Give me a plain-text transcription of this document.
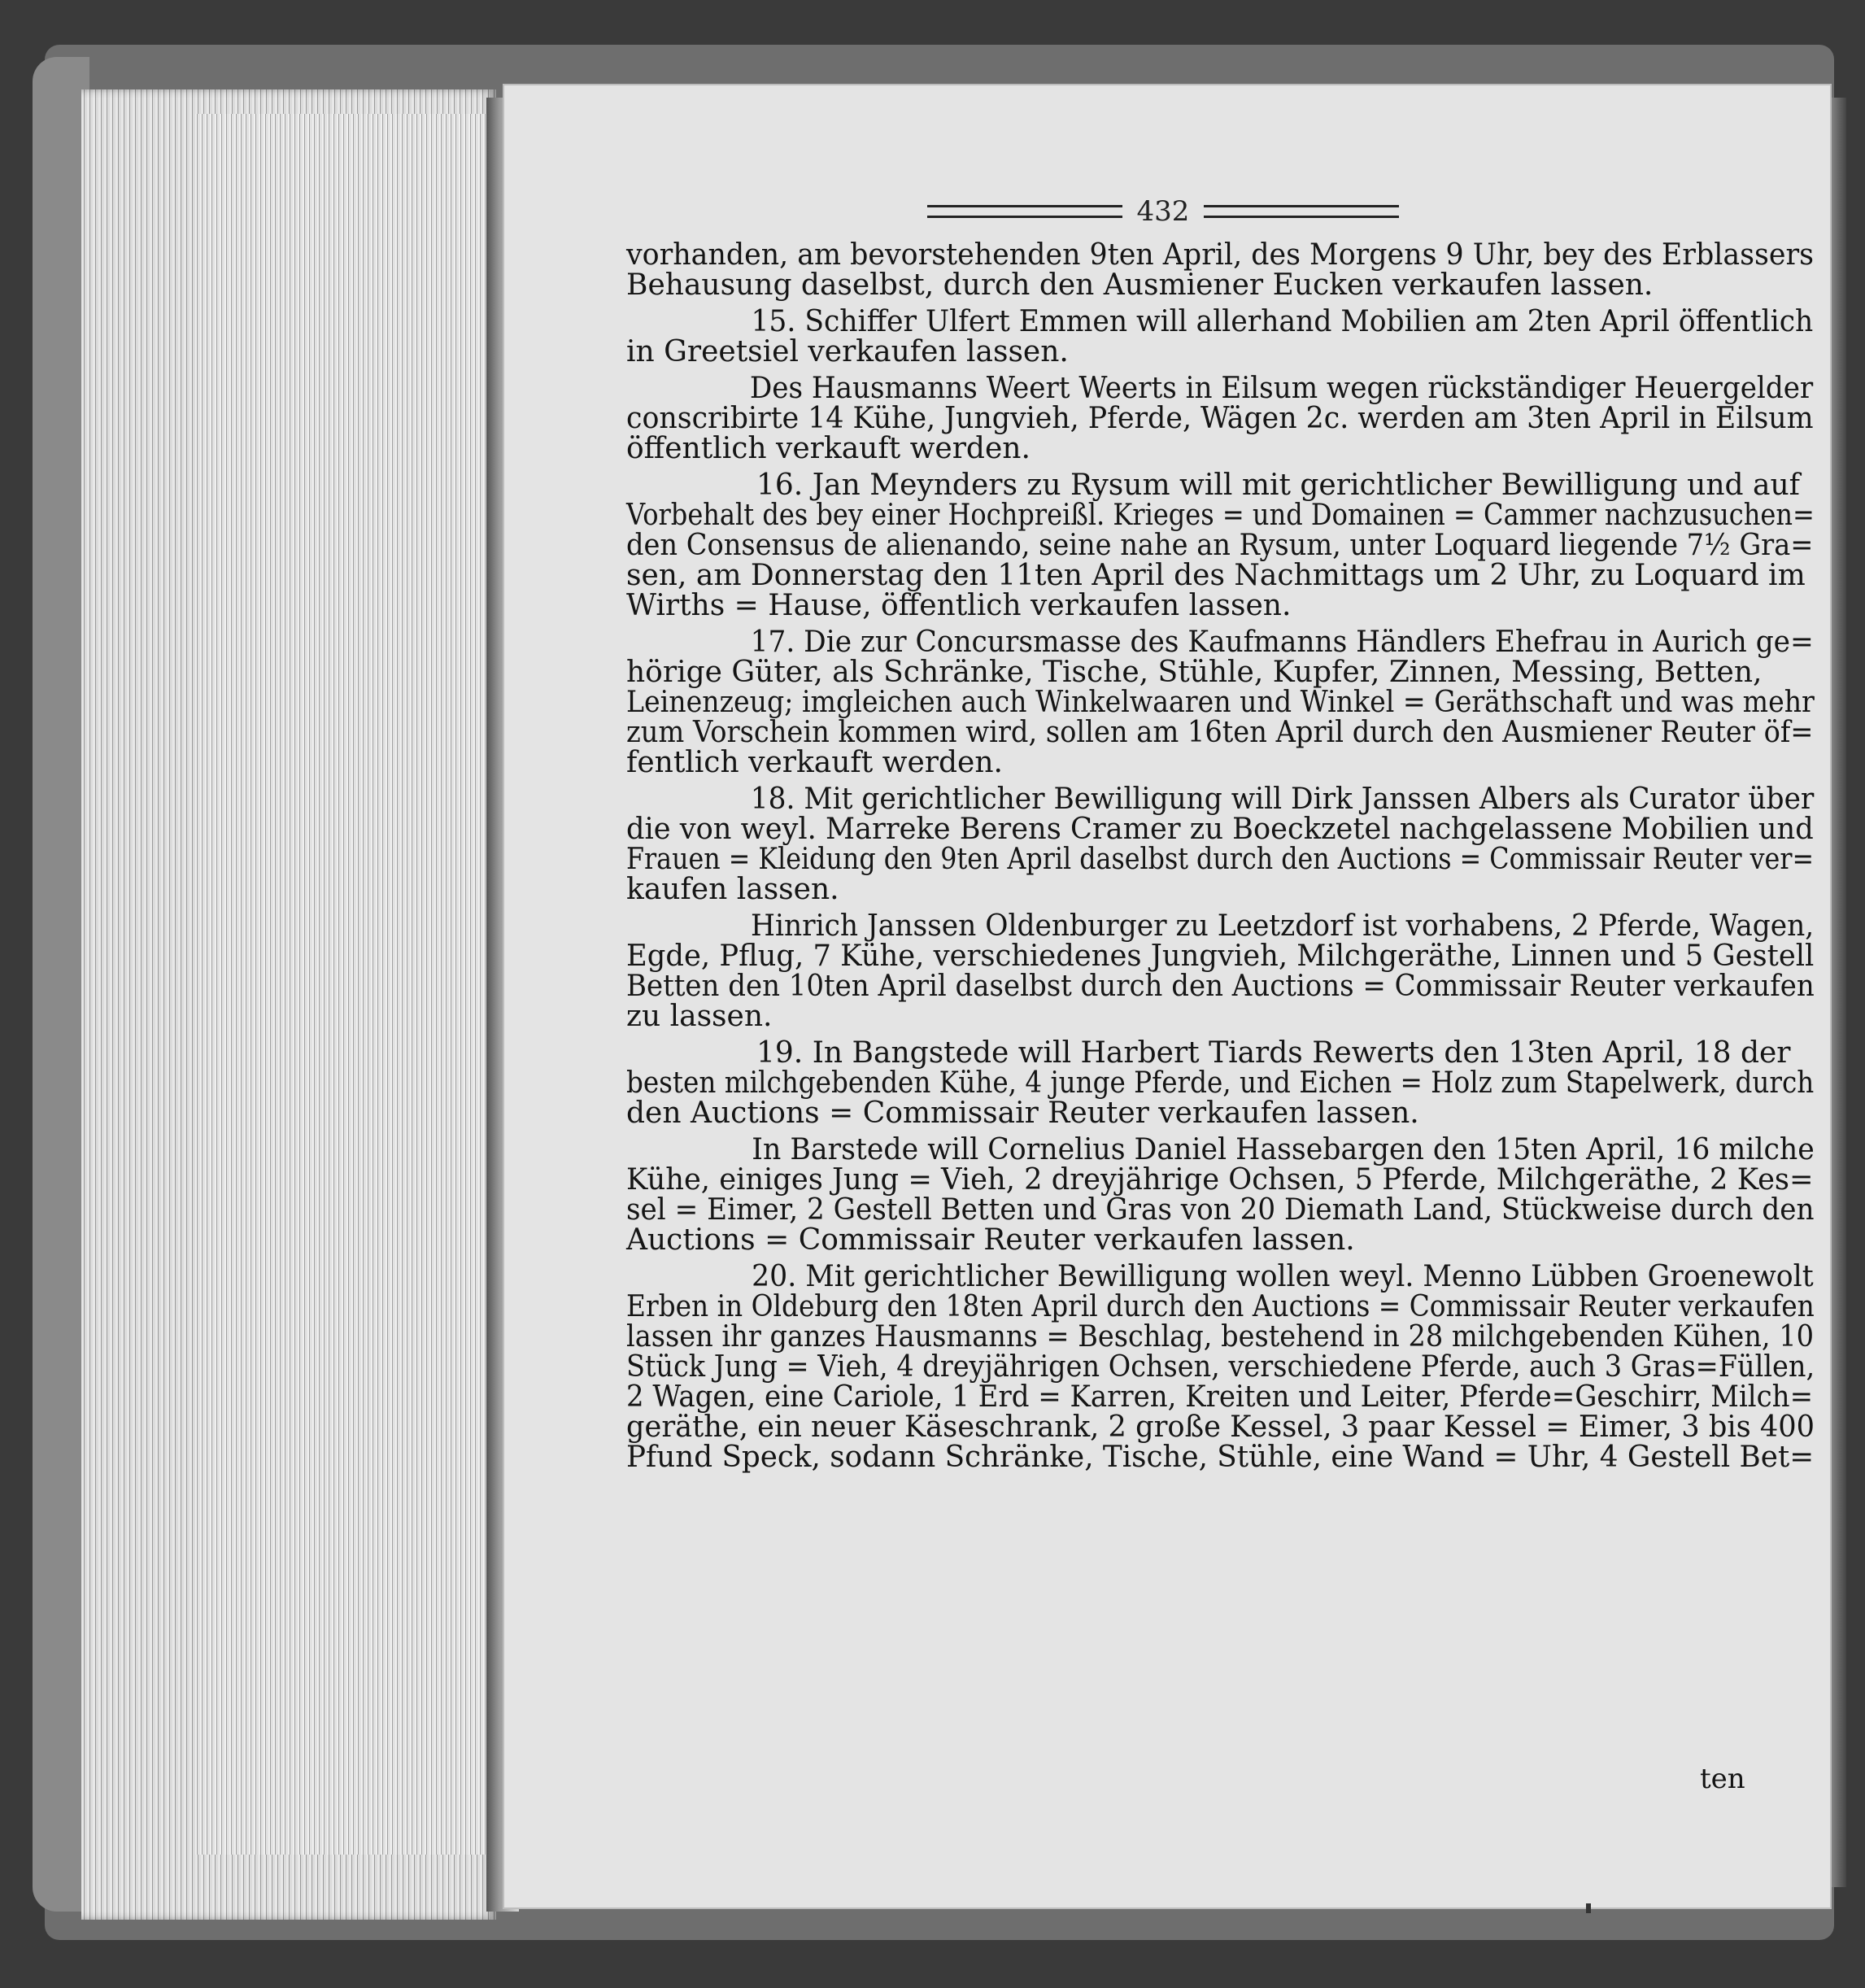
432
vorhanden, am bevorstehenden 9ten April, des Morgens 9 Uhr, bey des Erblassers
Behausung daselbst, durch den Ausmiener Eucken verkaufen lassen.
15. Schiffer Ulfert Emmen will allerhand Mobilien am 2ten April öffentlich
in Greetsiel verkaufen lassen.
Des Hausmanns Weert Weerts in Eilsum wegen rückständiger Heuergelder
conscribirte 14 Kühe, Jungvieh, Pferde, Wägen 2c. werden am 3ten April in Eilsum
öffentlich verkauft werden.
16. Jan Meynders zu Rysum will mit gerichtlicher Bewilligung und auf
Vorbehalt des bey einer Hochpreißl. Krieges = und Domainen = Cammer nachzusuchen=
den Consensus de alienando, seine nahe an Rysum, unter Loquard liegende 7½ Gra=
sen, am Donnerstag den 11ten April des Nachmittags um 2 Uhr, zu Loquard im
Wirths = Hause, öffentlich verkaufen lassen.
17. Die zur Concursmasse des Kaufmanns Händlers Ehefrau in Aurich ge=
hörige Güter, als Schränke, Tische, Stühle, Kupfer, Zinnen, Messing, Betten,
Leinenzeug; imgleichen auch Winkelwaaren und Winkel = Geräthschaft und was mehr
zum Vorschein kommen wird, sollen am 16ten April durch den Ausmiener Reuter öf=
fentlich verkauft werden.
18. Mit gerichtlicher Bewilligung will Dirk Janssen Albers als Curator über
die von weyl. Marreke Berens Cramer zu Boeckzetel nachgelassene Mobilien und
Frauen = Kleidung den 9ten April daselbst durch den Auctions = Commissair Reuter ver=
kaufen lassen.
Hinrich Janssen Oldenburger zu Leetzdorf ist vorhabens, 2 Pferde, Wagen,
Egde, Pflug, 7 Kühe, verschiedenes Jungvieh, Milchgeräthe, Linnen und 5 Gestell
Betten den 10ten April daselbst durch den Auctions = Commissair Reuter verkaufen
zu lassen.
19. In Bangstede will Harbert Tiards Rewerts den 13ten April, 18 der
besten milchgebenden Kühe, 4 junge Pferde, und Eichen = Holz zum Stapelwerk, durch
den Auctions = Commissair Reuter verkaufen lassen.
In Barstede will Cornelius Daniel Hassebargen den 15ten April, 16 milche
Kühe, einiges Jung = Vieh, 2 dreyjährige Ochsen, 5 Pferde, Milchgeräthe, 2 Kes=
sel = Eimer, 2 Gestell Betten und Gras von 20 Diemath Land, Stückweise durch den
Auctions = Commissair Reuter verkaufen lassen.
20. Mit gerichtlicher Bewilligung wollen weyl. Menno Lübben Groenewolt
Erben in Oldeburg den 18ten April durch den Auctions = Commissair Reuter verkaufen
lassen ihr ganzes Hausmanns = Beschlag, bestehend in 28 milchgebenden Kühen, 10
Stück Jung = Vieh, 4 dreyjährigen Ochsen, verschiedene Pferde, auch 3 Gras=Füllen,
2 Wagen, eine Cariole, 1 Erd = Karren, Kreiten und Leiter, Pferde=Geschirr, Milch=
geräthe, ein neuer Käseschrank, 2 große Kessel, 3 paar Kessel = Eimer, 3 bis 400
Pfund Speck, sodann Schränke, Tische, Stühle, eine Wand = Uhr, 4 Gestell Bet=
ten
